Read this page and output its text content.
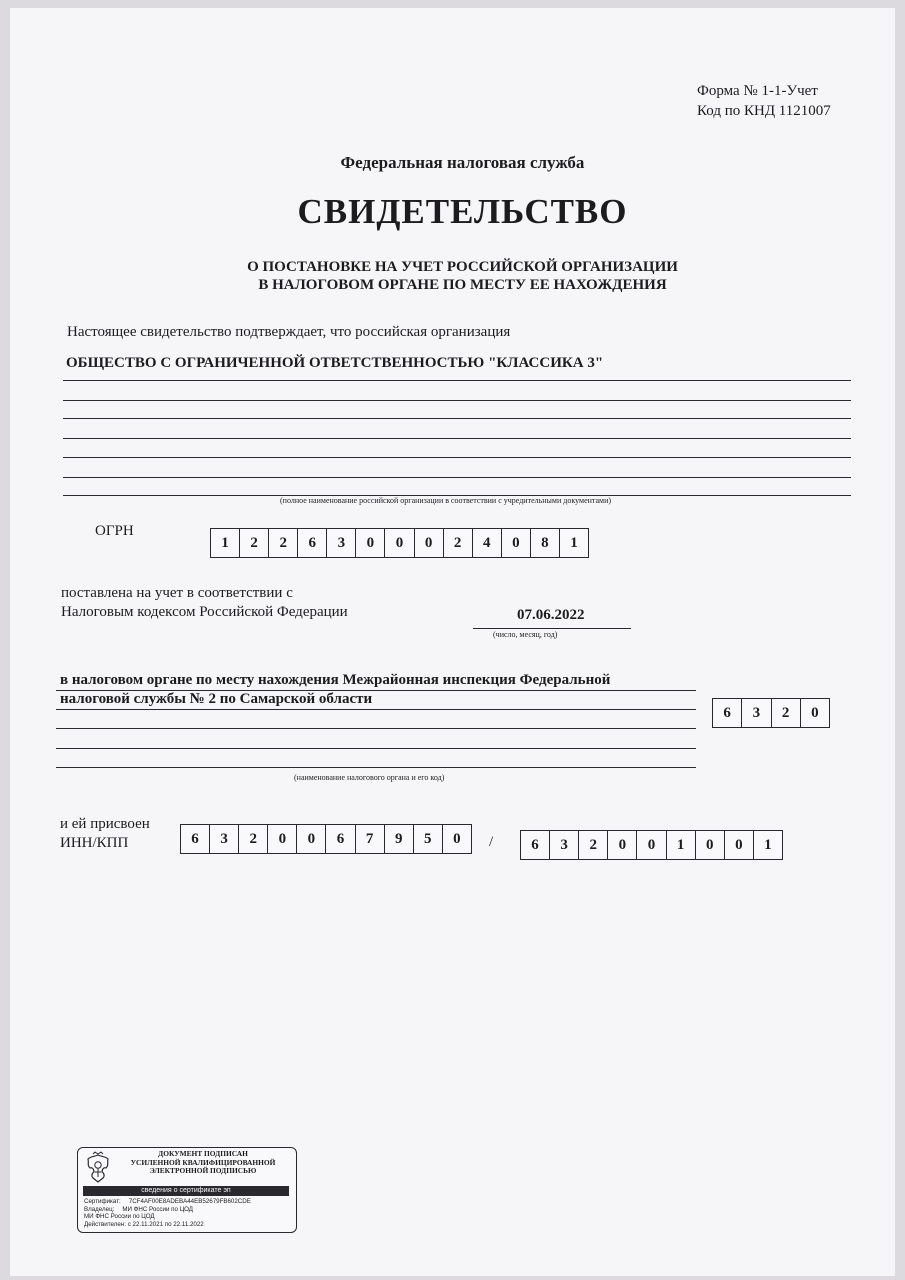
Форма № 1-1-Учет
Код по КНД 1121007
Федеральная налоговая служба
СВИДЕТЕЛЬСТВО
О ПОСТАНОВКЕ НА УЧЕТ РОССИЙСКОЙ ОРГАНИЗАЦИИ
В НАЛОГОВОМ ОРГАНЕ ПО МЕСТУ ЕЕ НАХОЖДЕНИЯ
Настоящее свидетельство подтверждает, что российская организация
ОБЩЕСТВО С ОГРАНИЧЕННОЙ ОТВЕТСТВЕННОСТЬЮ "КЛАССИКА 3"
(полное наименование российской организации в соответствии с учредительными документами)
ОГРН
1	2	2	6	3	0	0	0	2	4	0	8	1
поставлена на учет в соответствии с
Налоговым кодексом Российской Федерации	07.06.2022
(число, месяц, год)
в налоговом органе по месту нахождения Межрайонная инспекция Федеральной
налоговой службы № 2 по Самарской области
6	3	2	0
(наименование налогового органа и его код)
и ей присвоен
ИНН/КПП	6	3	2	0	0	6	7	9	5	0	/	6	3	2	0	0	1	0	0	1
ДОКУМЕНТ ПОДПИСАН
УСИЛЕННОЙ КВАЛИФИЦИРОВАННОЙ
ЭЛЕКТРОННОЙ ПОДПИСЬЮ
сведения о сертификате эп
Сертификат: 7CF4AF00E8ADEBA44EB52679FB602CDE
Владелец: МИ ФНС России по ЦОД
МИ ФНС России по ЦОД
Действителен: с 22.11.2021 по 22.11.2022
